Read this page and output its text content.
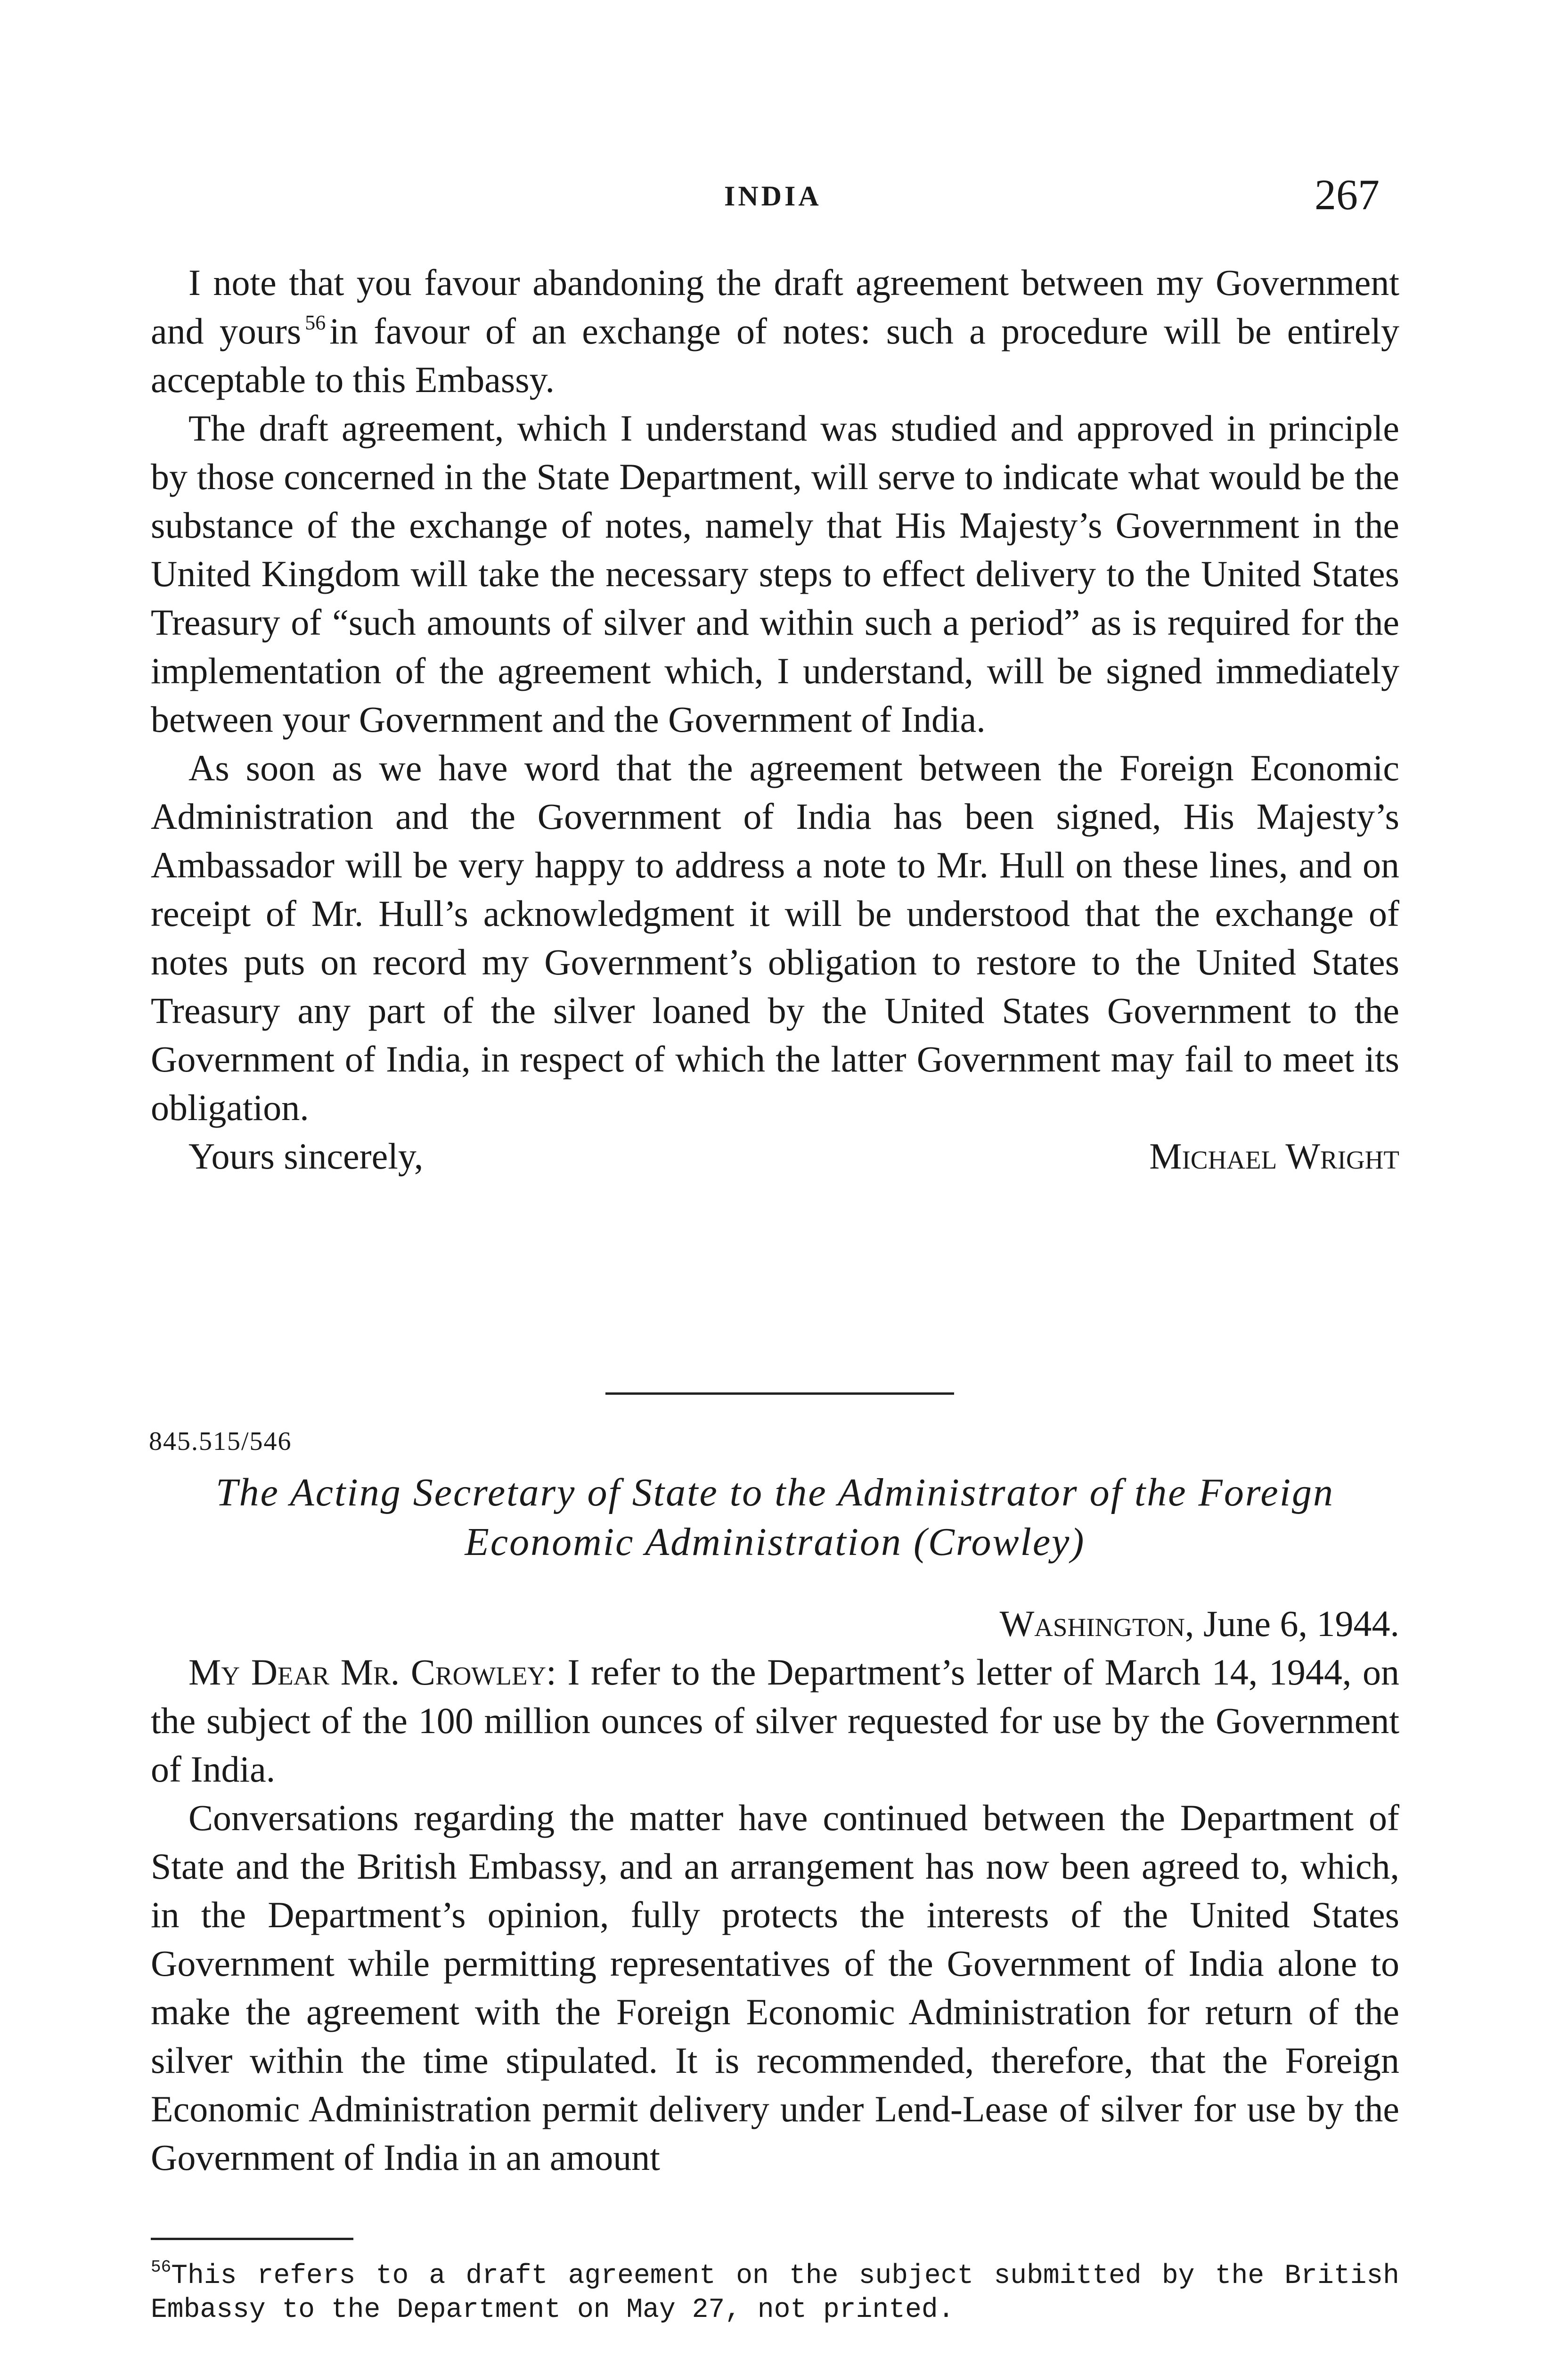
INDIA	267

I note that you favour abandoning the draft agreement between my Government and yours $^{56}$ in favour of an exchange of notes: such a procedure will be entirely acceptable to this Embassy.

The draft agreement, which I understand was studied and approved in principle by those concerned in the State Department, will serve to indicate what would be the substance of the exchange of notes, namely that His Majesty’s Government in the United Kingdom will take the necessary steps to effect delivery to the United States Treasury of “such amounts of silver and within such a period” as is required for the implementation of the agreement which, I understand, will be signed immediately between your Government and the Government of India.

As soon as we have word that the agreement between the Foreign Economic Administration and the Government of India has been signed, His Majesty’s Ambassador will be very happy to address a note to Mr. Hull on these lines, and on receipt of Mr. Hull’s acknowledgment it will be understood that the exchange of notes puts on record my Government’s obligation to restore to the United States Treasury any part of the silver loaned by the United States Government to the Government of India, in respect of which the latter Government may fail to meet its obligation.

Yours sincerely,	Michael Wright

845.515/546
The Acting Secretary of State to the Administrator of the Foreign
Economic Administration (Crowley)
Washington, June 6, 1944.

My Dear Mr. Crowley: I refer to the Department’s letter of March 14, 1944, on the subject of the 100 million ounces of silver requested for use by the Government of India.

Conversations regarding the matter have continued between the Department of State and the British Embassy, and an arrangement has now been agreed to, which, in the Department’s opinion, fully protects the interests of the United States Government while permitting representatives of the Government of India alone to make the agreement with the Foreign Economic Administration for return of the silver within the time stipulated. It is recommended, therefore, that the Foreign Economic Administration permit delivery under Lend-Lease of silver for use by the Government of India in an amount

$^{56}$This refers to a draft agreement on the subject submitted by the British Embassy to the Department on May 27, not printed.
